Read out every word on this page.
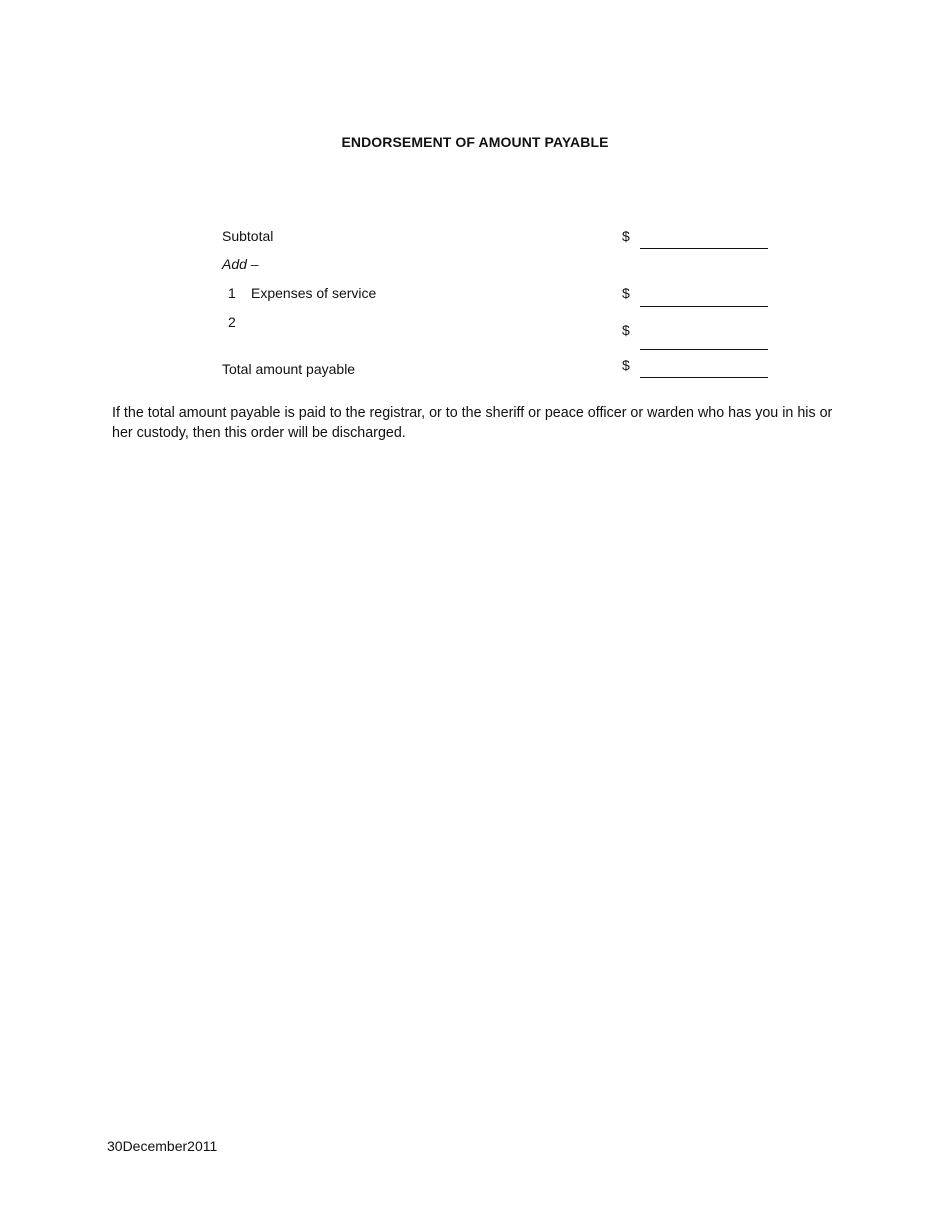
ENDORSEMENT OF AMOUNT PAYABLE
Subtotal	$
Add –
1 Expenses of service	$
2	$
Total amount payable	$
If the total amount payable is paid to the registrar, or to the sheriff or peace officer or warden who has you in his or her custody, then this order will be discharged.
30December2011
